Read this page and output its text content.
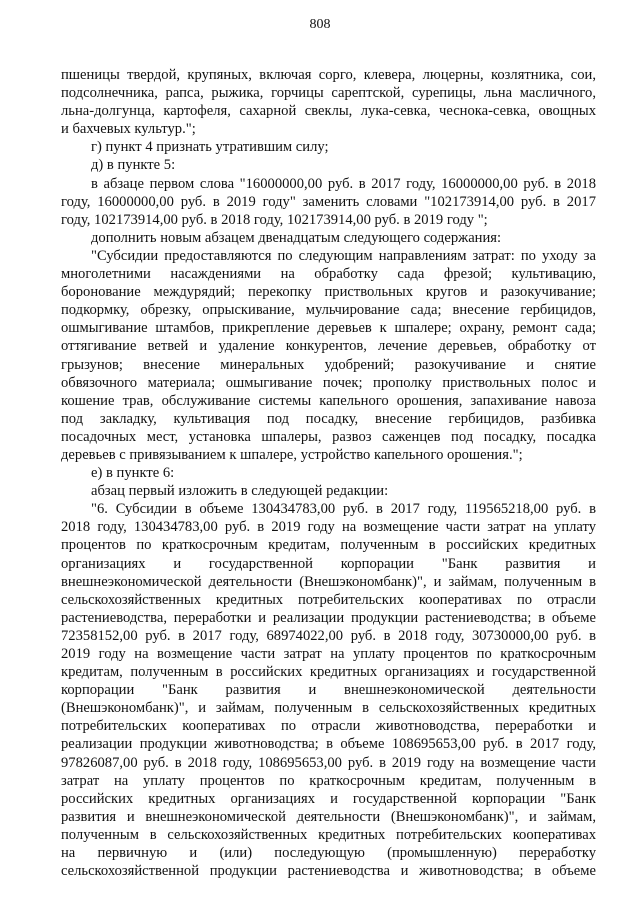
808
пшеницы твердой, крупяных, включая сорго, клевера, люцерны, козлятника, сои,
подсолнечника, рапса, рыжика, горчицы сарептской, сурепицы, льна масличного,
льна-долгунца, картофеля, сахарной свеклы, лука-севка, чеснока-севка, овощных
и бахчевых культур.";
г) пункт 4 признать утратившим силу;
д) в пункте 5:
в абзаце первом слова "16000000,00 руб. в 2017 году, 16000000,00 руб. в 2018
году, 16000000,00 руб. в 2019 году" заменить словами "102173914,00 руб. в 2017
году, 102173914,00 руб. в 2018 году, 102173914,00 руб. в 2019 году ";
дополнить новым абзацем двенадцатым следующего содержания:
"Субсидии предоставляются по следующим направлениям затрат: по уходу за
многолетними насаждениями на обработку сада фрезой; культивацию,
боронование междурядий; перекопку приствольных кругов и разокучивание;
подкормку, обрезку, опрыскивание, мульчирование сада; внесение гербицидов,
ошмыгивание штамбов, прикрепление деревьев к шпалере; охрану, ремонт сада;
оттягивание ветвей и удаление конкурентов, лечение деревьев, обработку от
грызунов; внесение минеральных удобрений; разокучивание и снятие
обвязочного материала; ошмыгивание почек; прополку приствольных полос и
кошение трав, обслуживание системы капельного орошения, запахивание навоза
под закладку, культивация под посадку, внесение гербицидов, разбивка
посадочных мест, установка шпалеры, развоз саженцев под посадку, посадка
деревьев с привязыванием к шпалере, устройство капельного орошения.";
е) в пункте 6:
абзац первый изложить в следующей редакции:
"6. Субсидии в объеме 130434783,00 руб. в 2017 году, 119565218,00 руб. в
2018 году, 130434783,00 руб. в 2019 году на возмещение части затрат на уплату
процентов по краткосрочным кредитам, полученным в российских кредитных
организациях и государственной корпорации "Банк развития и
внешнеэкономической деятельности (Внешэкономбанк)", и займам, полученным в
сельскохозяйственных кредитных потребительских кооперативах по отрасли
растениеводства, переработки и реализации продукции растениеводства; в объеме
72358152,00 руб. в 2017 году, 68974022,00 руб. в 2018 году, 30730000,00 руб. в
2019 году на возмещение части затрат на уплату процентов по краткосрочным
кредитам, полученным в российских кредитных организациях и государственной
корпорации "Банк развития и внешнеэкономической деятельности
(Внешэкономбанк)", и займам, полученным в сельскохозяйственных кредитных
потребительских кооперативах по отрасли животноводства, переработки и
реализации продукции животноводства; в объеме 108695653,00 руб. в 2017 году,
97826087,00 руб. в 2018 году, 108695653,00 руб. в 2019 году на возмещение части
затрат на уплату процентов по краткосрочным кредитам, полученным в
российских кредитных организациях и государственной корпорации "Банк
развития и внешнеэкономической деятельности (Внешэкономбанк)", и займам,
полученным в сельскохозяйственных кредитных потребительских кооперативах
на первичную и (или) последующую (промышленную) переработку
сельскохозяйственной продукции растениеводства и животноводства; в объеме
